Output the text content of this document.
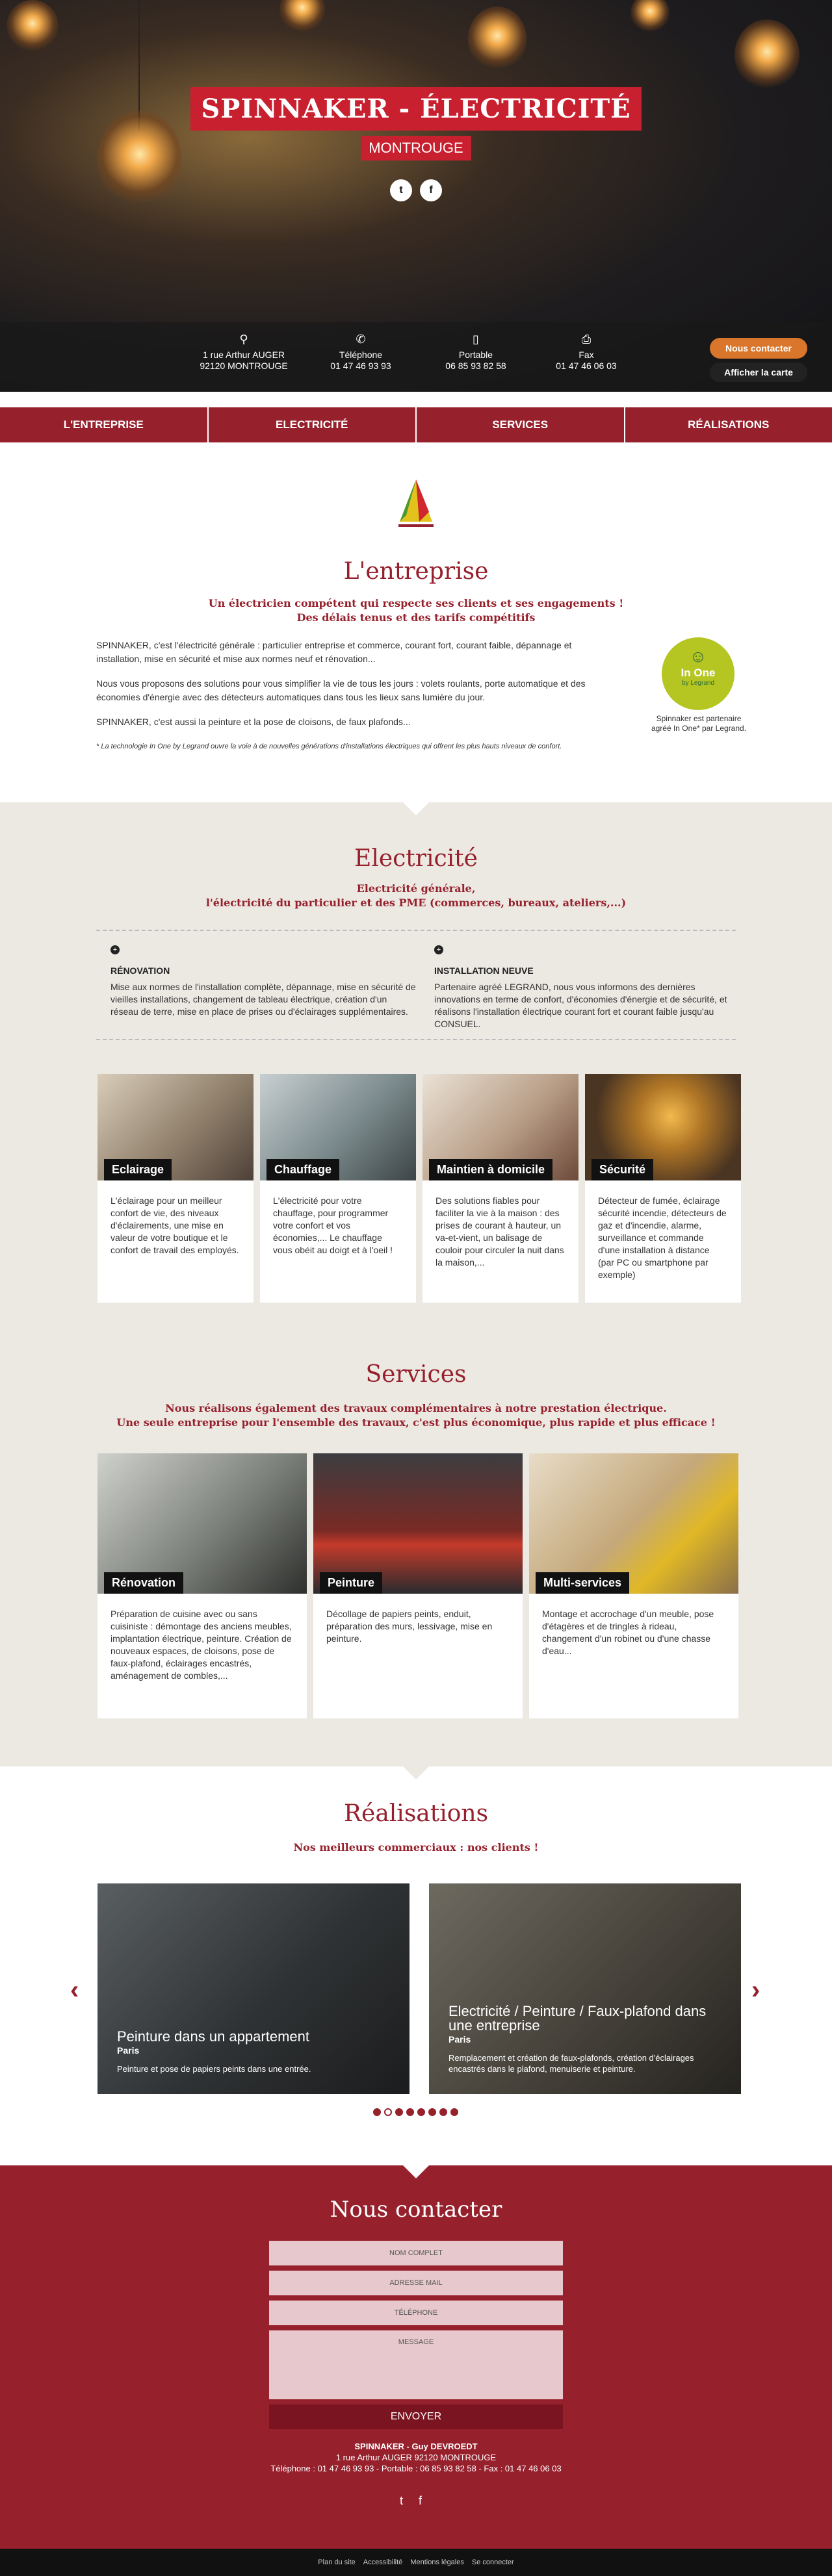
SPINNAKER - ÉLECTRICITÉ
MONTROUGE
t	f
⚲
1 rue Arthur AUGER
92120 MONTROUGE
✆
Téléphone
01 47 46 93 93
▯
Portable
06 85 93 82 58
⎙
Fax
01 47 46 06 03
Nous contacter
Afficher la carte
L'ENTREPRISE	ELECTRICITÉ	SERVICES	RÉALISATIONS
L'entreprise
Un électricien compétent qui respecte ses clients et ses engagements !
Des délais tenus et des tarifs compétitifs

SPINNAKER, c'est l'électricité générale : particulier entreprise et commerce, courant fort, courant faible, dépannage et installation, mise en sécurité et mise aux normes neuf et rénovation...

Nous vous proposons des solutions pour vous simplifier la vie de tous les jours : volets roulants, porte automatique et des économies d'énergie avec des détecteurs automatiques dans tous les lieux sans lumière du jour.

SPINNAKER, c'est aussi la peinture et la pose de cloisons, de faux plafonds...

* La technologie In One by Legrand ouvre la voie à de nouvelles générations d'installations électriques qui offrent les plus hauts niveaux de confort.

☺
In One
by Legrand
Spinnaker est partenaire agréé In One* par Legrand.
Electricité
Electricité générale,
l'électricité du particulier et des PME (commerces, bureaux, ateliers,...)
+
RÉNOVATION
Mise aux normes de l'installation complète, dépannage, mise en sécurité de vieilles installations, changement de tableau électrique, création d'un réseau de terre, mise en place de prises ou d'éclairages supplémentaires.
+
INSTALLATION NEUVE
Partenaire agréé LEGRAND, nous vous informons des dernières innovations en terme de confort, d'économies d'énergie et de sécurité, et réalisons l'installation électrique courant fort et courant faible jusqu'au CONSUEL.
Eclairage
L'éclairage pour un meilleur confort de vie, des niveaux d'éclairements, une mise en valeur de votre boutique et le confort de travail des employés.
Chauffage
L'électricité pour votre chauffage, pour programmer votre confort et vos économies,... Le chauffage vous obéit au doigt et à l'oeil !
Maintien à domicile
Des solutions fiables pour faciliter la vie à la maison : des prises de courant à hauteur, un va-et-vient, un balisage de couloir pour circuler la nuit dans la maison,...
Sécurité
Détecteur de fumée, éclairage sécurité incendie, détecteurs de gaz et d'incendie, alarme, surveillance et commande d'une installation à distance (par PC ou smartphone par exemple)
Services
Nous réalisons également des travaux complémentaires à notre prestation électrique.
Une seule entreprise pour l'ensemble des travaux, c'est plus économique, plus rapide et plus efficace !
Rénovation
Préparation de cuisine avec ou sans cuisiniste : démontage des anciens meubles, implantation électrique, peinture. Création de nouveaux espaces, de cloisons, pose de faux-plafond, éclairages encastrés, aménagement de combles,...
Peinture
Décollage de papiers peints, enduit, préparation des murs, lessivage, mise en peinture.
Multi-services
Montage et accrochage d'un meuble, pose d'étagères et de tringles à rideau, changement d'un robinet ou d'une chasse d'eau...
Réalisations
Nos meilleurs commerciaux : nos clients !
‹
Peinture dans un appartement
Paris
Peinture et pose de papiers peints dans une entrée.
Electricité / Peinture / Faux-plafond dans une entreprise
Paris
Remplacement et création de faux-plafonds, création d'éclairages encastrés dans le plafond, menuiserie et peinture.
›
Nous contacter
NOM COMPLET
ADRESSE MAIL
TÉLÉPHONE
MESSAGE
ENVOYER
SPINNAKER - Guy DEVROEDT
1 rue Arthur AUGER 92120 MONTROUGE
Téléphone : 01 47 46 93 93 - Portable : 06 85 93 82 58 - Fax : 01 47 46 06 03
t f
Plan du site Accessibilité Mentions légales Se connecter
